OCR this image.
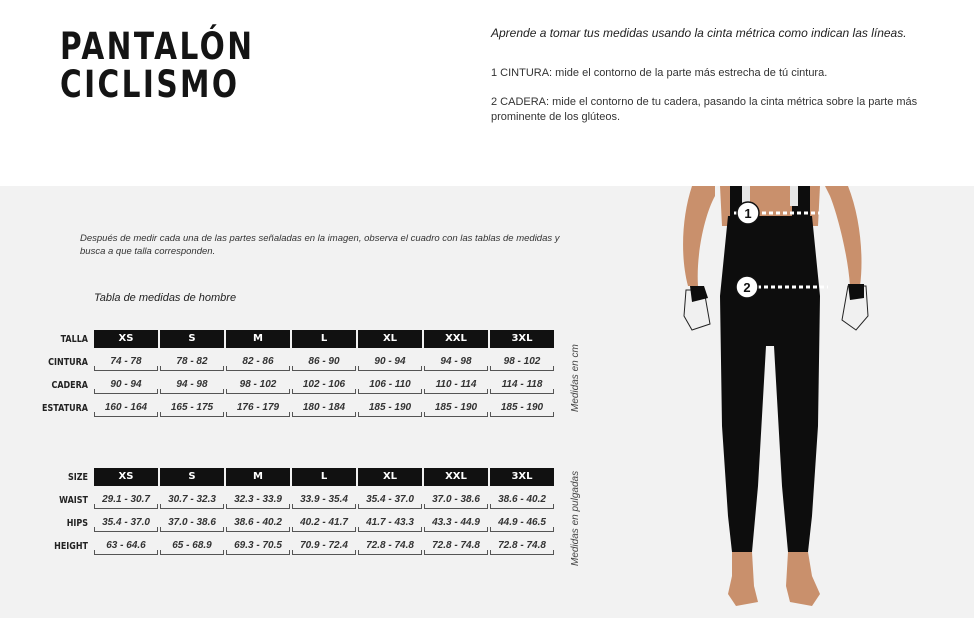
PANTALÓN
CICLISMO
Aprende a tomar tus medidas usando la cinta métrica como indican las líneas.

1 CINTURA: mide el contorno de la parte más estrecha de tú cintura.

2 CADERA: mide el contorno de tu cadera, pasando la cinta métrica sobre la parte más prominente de los glúteos.

Después de medir cada una de las partes señaladas en la imagen, observa el cuadro con las tablas de medidas y busca a que talla corresponden.
Tabla de medidas de hombre
TALLA	XS	S	M	L	XL	XXL	3XL
CINTURA	74 - 78	78 - 82	82 - 86	86 - 90	90 - 94	94 - 98	98 - 102
CADERA	90 - 94	94 - 98	98 - 102	102 - 106	106 - 110	110 - 114	114 - 118
ESTATURA	160 - 164	165 - 175	176 - 179	180 - 184	185 - 190	185 - 190	185 - 190	Medidas en cm
SIZE	XS	S	M	L	XL	XXL	3XL
WAIST	29.1 - 30.7	30.7 - 32.3	32.3 - 33.9	33.9 - 35.4	35.4 - 37.0	37.0 - 38.6	38.6 - 40.2
HIPS	35.4 - 37.0	37.0 - 38.6	38.6 - 40.2	40.2 - 41.7	41.7 - 43.3	43.3 - 44.9	44.9 - 46.5
HEIGHT	63 - 64.6	65 - 68.9	69.3 - 70.5	70.9 - 72.4	72.8 - 74.8	72.8 - 74.8	72.8 - 74.8	Medidas en pulgadas
1
2
